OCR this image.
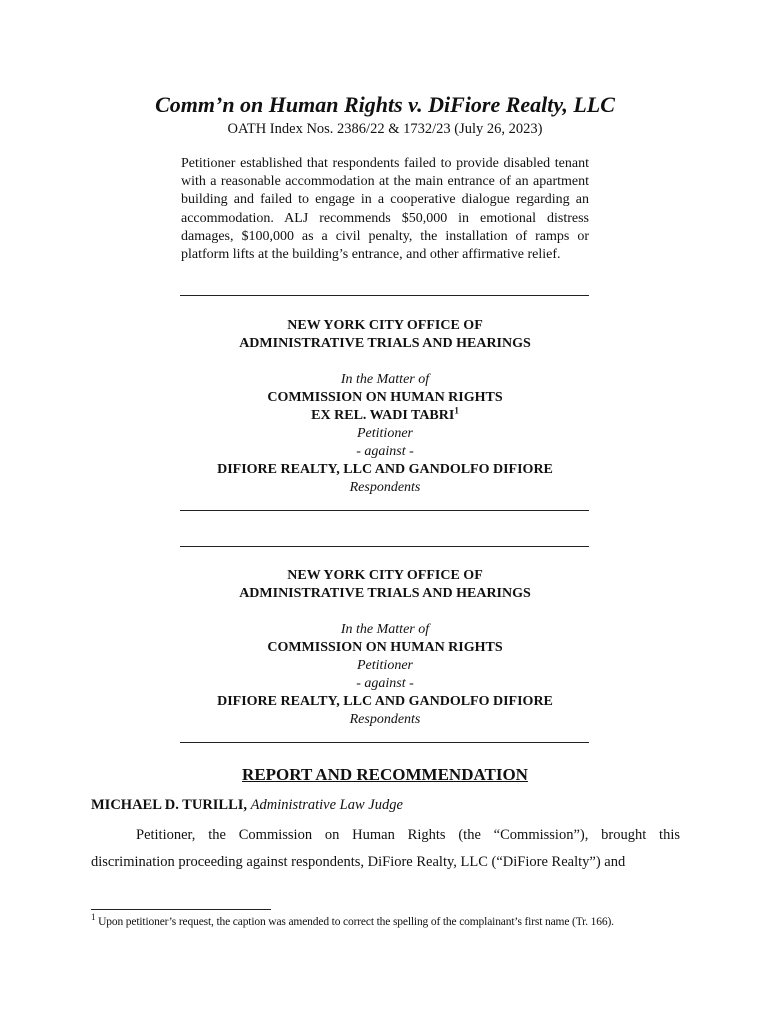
Comm’n on Human Rights v. DiFiore Realty, LLC
OATH Index Nos. 2386/22 & 1732/23 (July 26, 2023)
Petitioner established that respondents failed to provide disabled tenant with a reasonable accommodation at the main entrance of an apartment building and failed to engage in a cooperative dialogue regarding an accommodation. ALJ recommends $50,000 in emotional distress damages, $100,000 as a civil penalty, the installation of ramps or platform lifts at the building’s entrance, and other affirmative relief.
NEW YORK CITY OFFICE OF
ADMINISTRATIVE TRIALS AND HEARINGS
In the Matter of
COMMISSION ON HUMAN RIGHTS
EX REL. WADI TABRI$^1$
Petitioner
- against -
DIFIORE REALTY, LLC AND GANDOLFO DIFIORE
Respondents
NEW YORK CITY OFFICE OF
ADMINISTRATIVE TRIALS AND HEARINGS
In the Matter of
COMMISSION ON HUMAN RIGHTS
Petitioner
- against -
DIFIORE REALTY, LLC AND GANDOLFO DIFIORE
Respondents
REPORT AND RECOMMENDATION
MICHAEL D. TURILLI, Administrative Law Judge
Petitioner, the Commission on Human Rights (the “Commission”), brought this discrimination proceeding against respondents, DiFiore Realty, LLC (“DiFiore Realty”) and
$^1$ Upon petitioner’s request, the caption was amended to correct the spelling of the complainant’s first name (Tr. 166).
